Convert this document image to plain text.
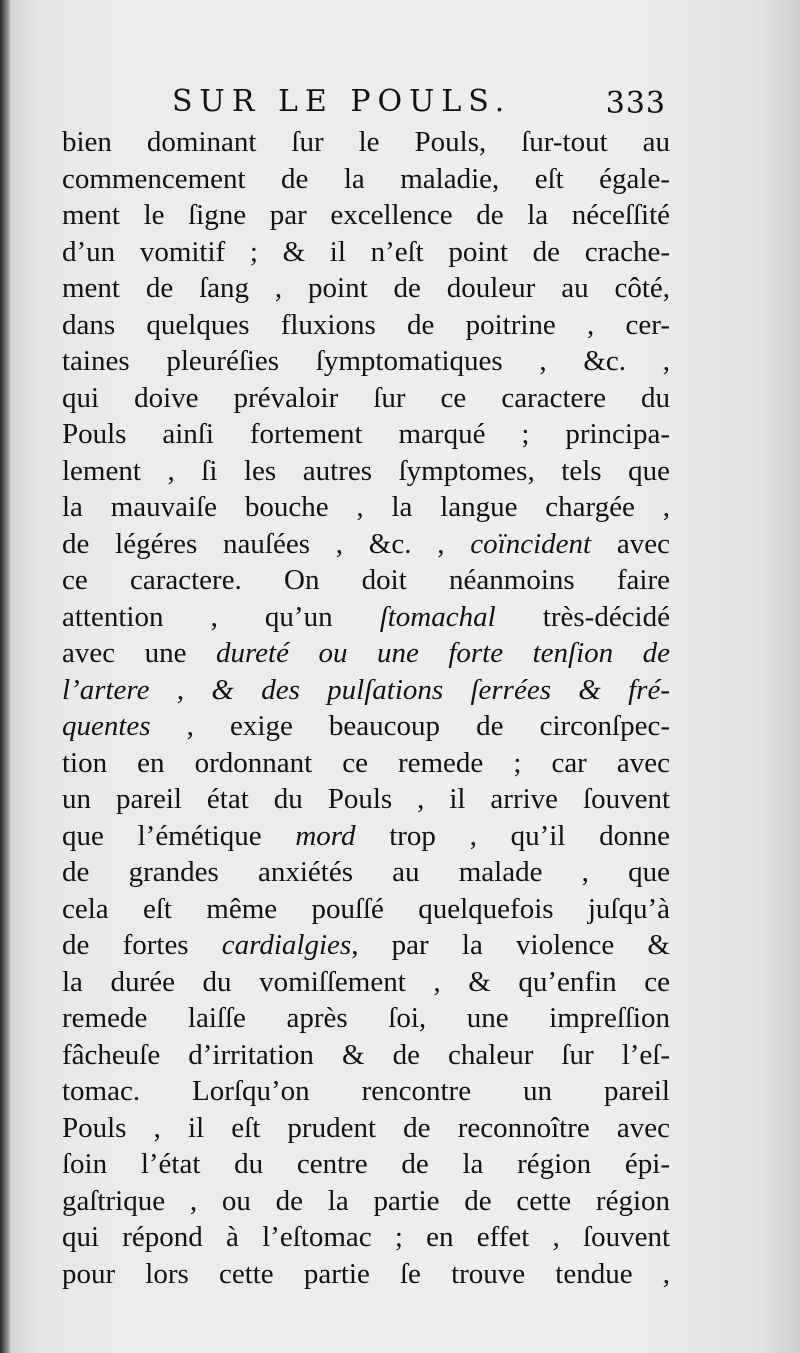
SUR LE POULS.	333
bien dominant ſur le Pouls, ſur-tout au
commencement de la maladie, eſt égale-
ment le ſigne par excellence de la néceſſité
d’un vomitif ; & il n’eſt point de crache-
ment de ſang , point de douleur au côté,
dans quelques fluxions de poitrine , cer-
taines pleuréſies ſymptomatiques , &c. ,
qui doive prévaloir ſur ce caractere du
Pouls ainſi fortement marqué ; principa-
lement , ſi les autres ſymptomes, tels que
la mauvaiſe bouche , la langue chargée ,
de légéres nauſées , &c. , coïncident avec
ce caractere. On doit néanmoins faire
attention , qu’un ſtomachal très-décidé
avec une dureté ou une forte tenſion de
l’artere , & des pulſations ſerrées & fré-
quentes , exige beaucoup de circonſpec-
tion en ordonnant ce remede ; car avec
un pareil état du Pouls , il arrive ſouvent
que l’émétique mord trop , qu’il donne
de grandes anxiétés au malade , que
cela eſt même pouſſé quelquefois juſqu’à
de fortes cardialgies, par la violence &
la durée du vomiſſement , & qu’enfin ce
remede laiſſe après ſoi, une impreſſion
fâcheuſe d’irritation & de chaleur ſur l’eſ-
tomac. Lorſqu’on rencontre un pareil
Pouls , il eſt prudent de reconnoître avec
ſoin l’état du centre de la région épi-
gaſtrique , ou de la partie de cette région
qui répond à l’eſtomac ; en effet , ſouvent
pour lors cette partie ſe trouve tendue ,
